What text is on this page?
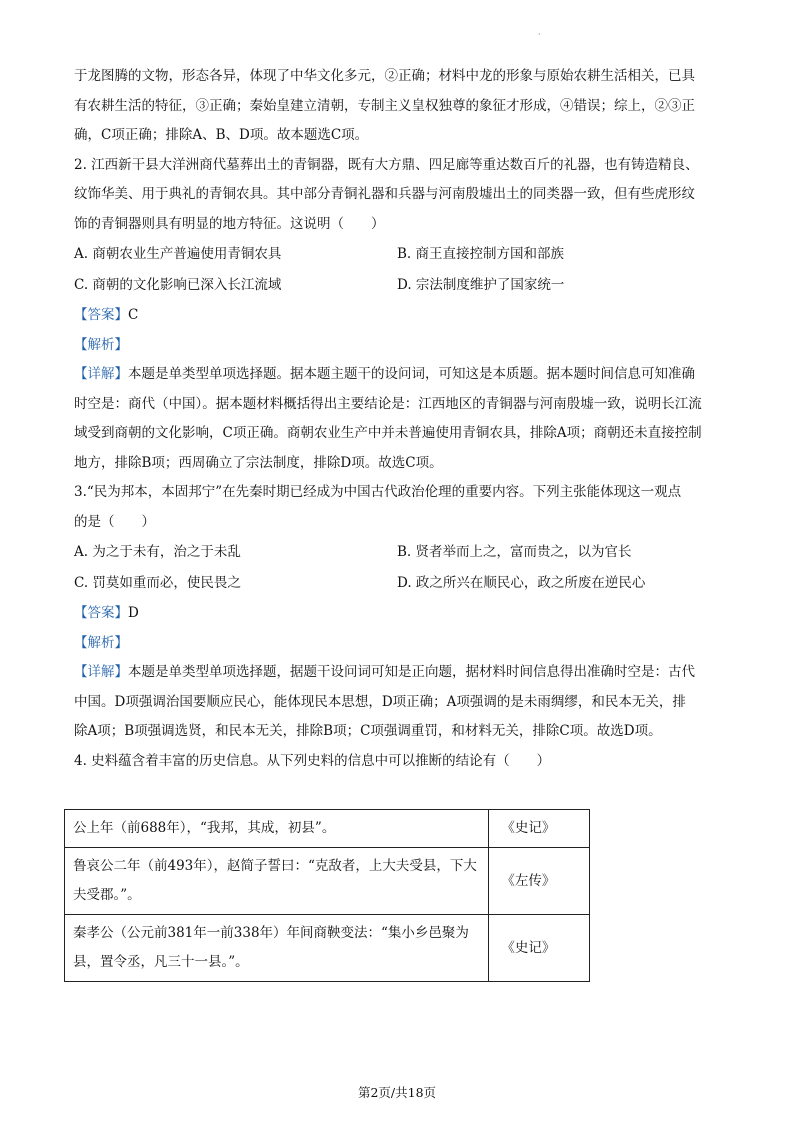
·
于龙图腾的文物，形态各异，体现了中华文化多元，②正确；材料中龙的形象与原始农耕生活相关，已具
有农耕生活的特征，③正确；秦始皇建立清朝，专制主义皇权独尊的象征才形成，④错误；综上，②③正
确，C项正确；排除A、B、D项。故本题选C项。
2. 江西新干县大洋洲商代墓葬出土的青铜器，既有大方鼎、四足廊等重达数百斤的礼器，也有铸造精良、
纹饰华美、用于典礼的青铜农具。其中部分青铜礼器和兵器与河南殷墟出土的同类器一致，但有些虎形纹
饰的青铜器则具有明显的地方特征。这说明（　　）
A. 商朝农业生产普遍使用青铜农具	B. 商王直接控制方国和部族
C. 商朝的文化影响已深入长江流域	D. 宗法制度维护了国家统一
【答案】C
【解析】
【详解】本题是单类型单项选择题。据本题主题干的设问词，可知这是本质题。据本题时间信息可知准确
时空是：商代（中国）。据本题材料概括得出主要结论是：江西地区的青铜器与河南殷墟一致，说明长江流
域受到商朝的文化影响，C项正确。商朝农业生产中并未普遍使用青铜农具，排除A项；商朝还未直接控制
地方，排除B项；西周确立了宗法制度，排除D项。故选C项。
3.“民为邦本，本固邦宁”在先秦时期已经成为中国古代政治伦理的重要内容。下列主张能体现这一观点
的是（　　）
A. 为之于未有，治之于未乱	B. 贤者举而上之，富而贵之，以为官长
C. 罚莫如重而必，使民畏之	D. 政之所兴在顺民心，政之所废在逆民心
【答案】D
【解析】
【详解】本题是单类型单项选择题，据题干设问词可知是正向题，据材料时间信息得出准确时空是：古代
中国。D项强调治国要顺应民心，能体现民本思想，D项正确；A项强调的是未雨绸缪，和民本无关，排
除A项；B项强调选贤，和民本无关，排除B项；C项强调重罚，和材料无关，排除C项。故选D项。
4. 史料蕴含着丰富的历史信息。从下列史料的信息中可以推断的结论有（　　）
公上年（前688年），“我邦，其成，初县”。	《史记》
鲁哀公二年（前493年），赵简子誓曰：“克敌者，上大夫受县，下大夫受郡。”。	《左传》
秦孝公（公元前381年一前338年）年间商鞅变法：“集小乡邑聚为县，置令丞，凡三十一县。”。	《史记》
第2页/共18页
